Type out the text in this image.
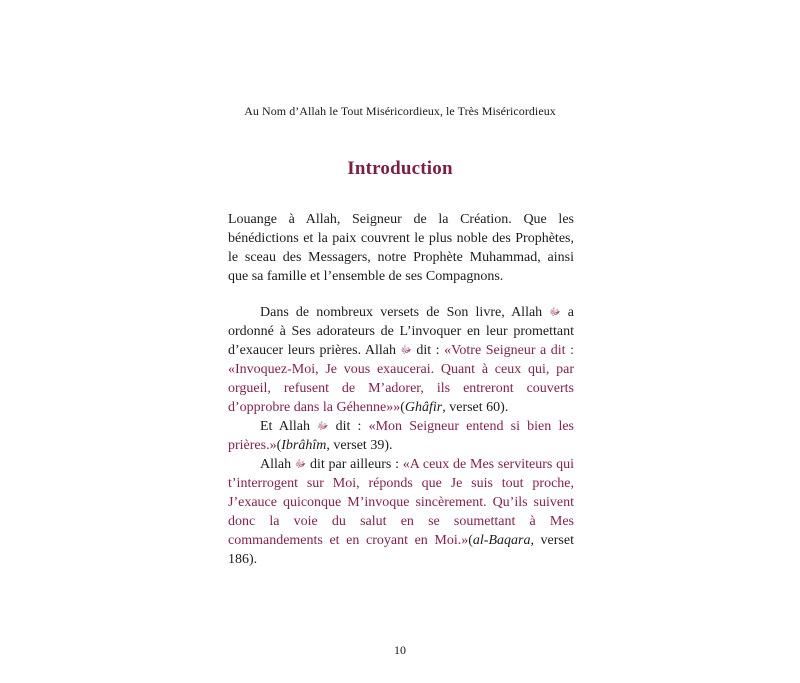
Au Nom d’Allah le Tout Miséricordieux, le Très Miséricordieux
Introduction

Louange à Allah, Seigneur de la Création. Que les bénédictions et la paix couvrent le plus noble des Prophètes, le sceau des Messagers, notre Prophète Muhammad, ainsi que sa famille et l’ensemble de ses Compagnons.

Dans de nombreux versets de Son livre, Allah ﷻ a ordonné à Ses adorateurs de L’invoquer en leur promettant d’exaucer leurs prières. Allah ﷻ dit : «Votre Seigneur a dit : «Invoquez-Moi, Je vous exaucerai. Quant à ceux qui, par orgueil, refusent de M’adorer, ils entreront couverts d’opprobre dans la Géhenne»»(Ghâfir, verset 60).

Et Allah ﷻ dit : «Mon Seigneur entend si bien les prières.»(Ibrâhîm, verset 39).

Allah ﷻ dit par ailleurs : «A ceux de Mes serviteurs qui t’interrogent sur Moi, réponds que Je suis tout proche, J’exauce quiconque M’invoque sincèrement. Qu’ils suivent donc la voie du salut en se soumettant à Mes commandements et en croyant en Moi.»(al-Baqara, verset 186).

10
